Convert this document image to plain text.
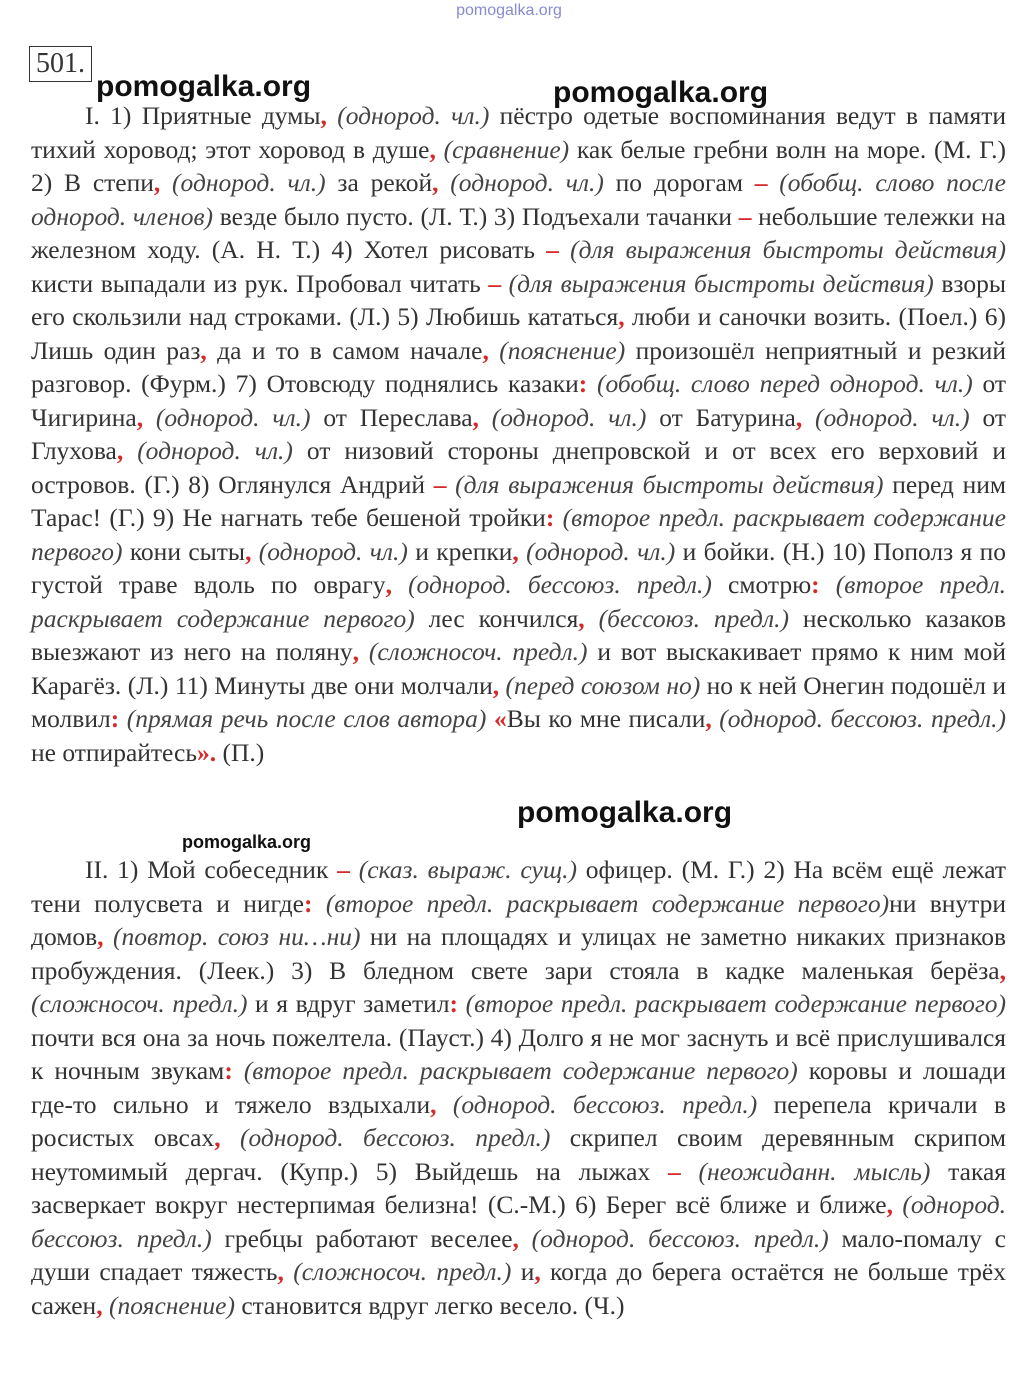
pomogalka.org
501.
pomogalka.org	pomogalka.org
pomogalka.org
pomogalka.org
I. 1) Приятные думы, (однород. чл.) пёстро одетые воспоминания ведут в памяти тихий хоровод; этот хоровод в душе, (сравнение) как белые гребни волн на море. (М. Г.) 2) В степи, (однород. чл.) за рекой, (однород. чл.) по дорогам – (обобщ. слово после однород. членов) везде было пусто. (Л. Т.) 3) Подъехали тачанки – небольшие тележки на железном ходу. (А. Н. Т.) 4) Хотел рисовать – (для выражения быстроты действия) кисти выпадали из рук. Пробовал читать – (для выражения быстроты действия) взоры его скользили над строками. (Л.) 5) Любишь кататься, люби и саночки возить. (Поел.) 6) Лишь один раз, да и то в самом начале, (пояснение) произошёл неприятный и резкий разговор. (Фурм.) 7) Отовсюду поднялись казаки: (обобщ. слово перед однород. чл.) от Чигирина, (однород. чл.) от Переслава, (однород. чл.) от Батурина, (однород. чл.) от Глухова, (однород. чл.) от низовий стороны днепровской и от всех его верховий и островов. (Г.) 8) Оглянулся Андрий – (для выражения быстроты действия) перед ним Тарас! (Г.) 9) Не нагнать тебе бешеной тройки: (второе предл. раскрывает содержание первого) кони сыты, (однород. чл.) и крепки, (однород. чл.) и бойки. (Н.) 10) Пополз я по густой траве вдоль по оврагу, (однород. бессоюз. предл.) смотрю: (второе предл. раскрывает содержание первого) лес кончился, (бессоюз. предл.) несколько казаков выезжают из него на поляну, (сложносоч. предл.) и вот выскакивает прямо к ним мой Карагёз. (Л.) 11) Минуты две они молчали, (перед союзом но) но к ней Онегин подошёл и молвил: (прямая речь после слов автора) «Вы ко мне писали, (однород. бессоюз. предл.) не отпирайтесь». (П.)
II. 1) Мой собеседник – (сказ. выраж. сущ.) офицер. (М. Г.) 2) На всём ещё лежат тени полусвета и нигде: (второе предл. раскрывает содержание первого)ни внутри домов, (повтор. союз ни…ни) ни на площадях и улицах не заметно никаких признаков пробуждения. (Леек.) 3) В бледном свете зари стояла в кадке маленькая берёза, (сложносоч. предл.) и я вдруг заметил: (второе предл. раскрывает содержание первого) почти вся она за ночь пожелтела. (Пауст.) 4) Долго я не мог заснуть и всё прислушивался к ночным звукам: (второе предл. раскрывает содержание первого) коровы и лошади где-то сильно и тяжело вздыхали, (однород. бессоюз. предл.) перепела кричали в росистых овсах, (однород. бессоюз. предл.) скрипел своим деревянным скрипом неутомимый дергач. (Купр.) 5) Выйдешь на лыжах – (неожиданн. мысль) такая засверкает вокруг нестерпимая белизна! (С.-М.) 6) Берег всё ближе и ближе, (однород. бессоюз. предл.) гребцы работают веселее, (однород. бессоюз. предл.) мало-помалу с души спадает тяжесть, (сложносоч. предл.) и, когда до берега остаётся не больше трёх сажен, (пояснение) становится вдруг легко весело. (Ч.)
